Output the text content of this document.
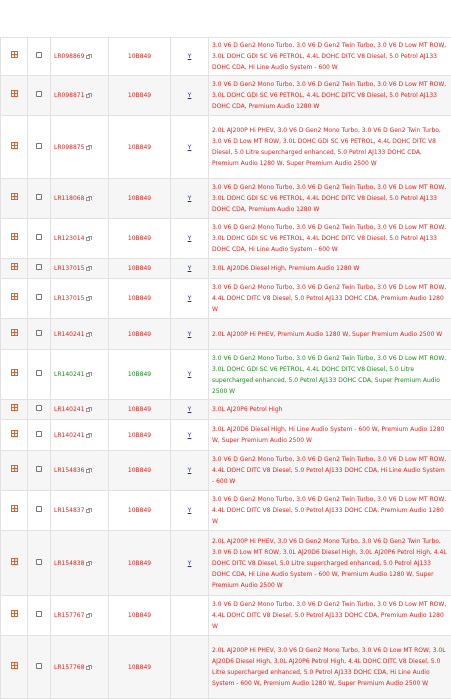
		LR098869	10B849	Y	3.0 V6 D Gen2 Mono Turbo, 3.0 V6 D Gen2 Twin Turbo, 3.0 V6 D Low MT ROW, 3.0L DOHC GDI SC V6 PETROL, 4.4L DOHC DITC V8 Diesel, 5.0 Petrol AJ133 DOHC CDA, Hi Line Audio System - 600 W
		LR098871	10B849	Y	3.0 V6 D Gen2 Mono Turbo, 3.0 V6 D Gen2 Twin Turbo, 3.0 V6 D Low MT ROW, 3.0L DOHC GDI SC V6 PETROL, 4.4L DOHC DITC V8 Diesel, 5.0 Petrol AJ133 DOHC CDA, Premium Audio 1280 W
		LR098875	10B849	Y	2.0L AJ200P Hi PHEV, 3.0 V6 D Gen2 Mono Turbo, 3.0 V6 D Gen2 Twin Turbo, 3.0 V6 D Low MT ROW, 3.0L DOHC GDI SC V6 PETROL, 4.4L DOHC DITC V8 Diesel, 5.0 Litre supercharged enhanced, 5.0 Petrol AJ133 DOHC CDA, Premium Audio 1280 W, Super Premium Audio 2500 W
		LR118068	10B849	Y	3.0 V6 D Gen2 Mono Turbo, 3.0 V6 D Gen2 Twin Turbo, 3.0 V6 D Low MT ROW, 3.0L DOHC GDI SC V6 PETROL, 4.4L DOHC DITC V8 Diesel, 5.0 Petrol AJ133 DOHC CDA, Premium Audio 1280 W
		LR123014	10B849	Y	3.0 V6 D Gen2 Mono Turbo, 3.0 V6 D Gen2 Twin Turbo, 3.0 V6 D Low MT ROW, 3.0L DOHC GDI SC V6 PETROL, 4.4L DOHC DITC V8 Diesel, 5.0 Petrol AJ133 DOHC CDA, Hi Line Audio System - 600 W
		LR137015	10B849	Y	3.0L AJ20D6 Diesel High, Premium Audio 1280 W
		LR137015	10B849	Y	3.0 V6 D Gen2 Mono Turbo, 3.0 V6 D Gen2 Twin Turbo, 3.0 V6 D Low MT ROW, 4.4L DOHC DITC V8 Diesel, 5.0 Petrol AJ133 DOHC CDA, Premium Audio 1280 W
		LR140241	10B849	Y	2.0L AJ200P Hi PHEV, Premium Audio 1280 W, Super Premium Audio 2500 W
		LR140241	10B849	Y	3.0 V6 D Gen2 Mono Turbo, 3.0 V6 D Gen2 Twin Turbo, 3.0 V6 D Low MT ROW, 3.0L DOHC GDI SC V6 PETROL, 4.4L DOHC DITC V8 Diesel, 5.0 Litre supercharged enhanced, 5.0 Petrol AJ133 DOHC CDA, Super Premium Audio 2500 W
		LR140241	10B849	Y	3.0L AJ20P6 Petrol High
		LR140241	10B849	Y	3.0L AJ20D6 Diesel High, Hi Line Audio System - 600 W, Premium Audio 1280 W, Super Premium Audio 2500 W
		LR154836	10B849	Y	3.0 V6 D Gen2 Mono Turbo, 3.0 V6 D Gen2 Twin Turbo, 3.0 V6 D Low MT ROW, 4.4L DOHC DITC V8 Diesel, 5.0 Petrol AJ133 DOHC CDA, Hi Line Audio System - 600 W
		LR154837	10B849	Y	3.0 V6 D Gen2 Mono Turbo, 3.0 V6 D Gen2 Twin Turbo, 3.0 V6 D Low MT ROW, 4.4L DOHC DITC V8 Diesel, 5.0 Petrol AJ133 DOHC CDA, Premium Audio 1280 W
		LR154838	10B849	Y	2.0L AJ200P Hi PHEV, 3.0 V6 D Gen2 Mono Turbo, 3.0 V6 D Gen2 Twin Turbo, 3.0 V6 D Low MT ROW, 3.0L AJ20D6 Diesel High, 3.0L AJ20P6 Petrol High, 4.4L DOHC DITC V8 Diesel, 5.0 Litre supercharged enhanced, 5.0 Petrol AJ133 DOHC CDA, Hi Line Audio System - 600 W, Premium Audio 1280 W, Super Premium Audio 2500 W
		LR157767	10B849		3.0 V6 D Gen2 Mono Turbo, 3.0 V6 D Gen2 Twin Turbo, 3.0 V6 D Low MT ROW, 4.4L DOHC DITC V8 Diesel, 5.0 Petrol AJ133 DOHC CDA, Premium Audio 1280 W
		LR157768	10B849		2.0L AJ200P Hi PHEV, 3.0 V6 D Gen2 Mono Turbo, 3.0 V6 D Low MT ROW, 3.0L AJ20D6 Diesel High, 3.0L AJ20P6 Petrol High, 4.4L DOHC DITC V8 Diesel, 5.0 Litre supercharged enhanced, 5.0 Petrol AJ133 DOHC CDA, Hi Line Audio System - 600 W, Premium Audio 1280 W, Super Premium Audio 2500 W
